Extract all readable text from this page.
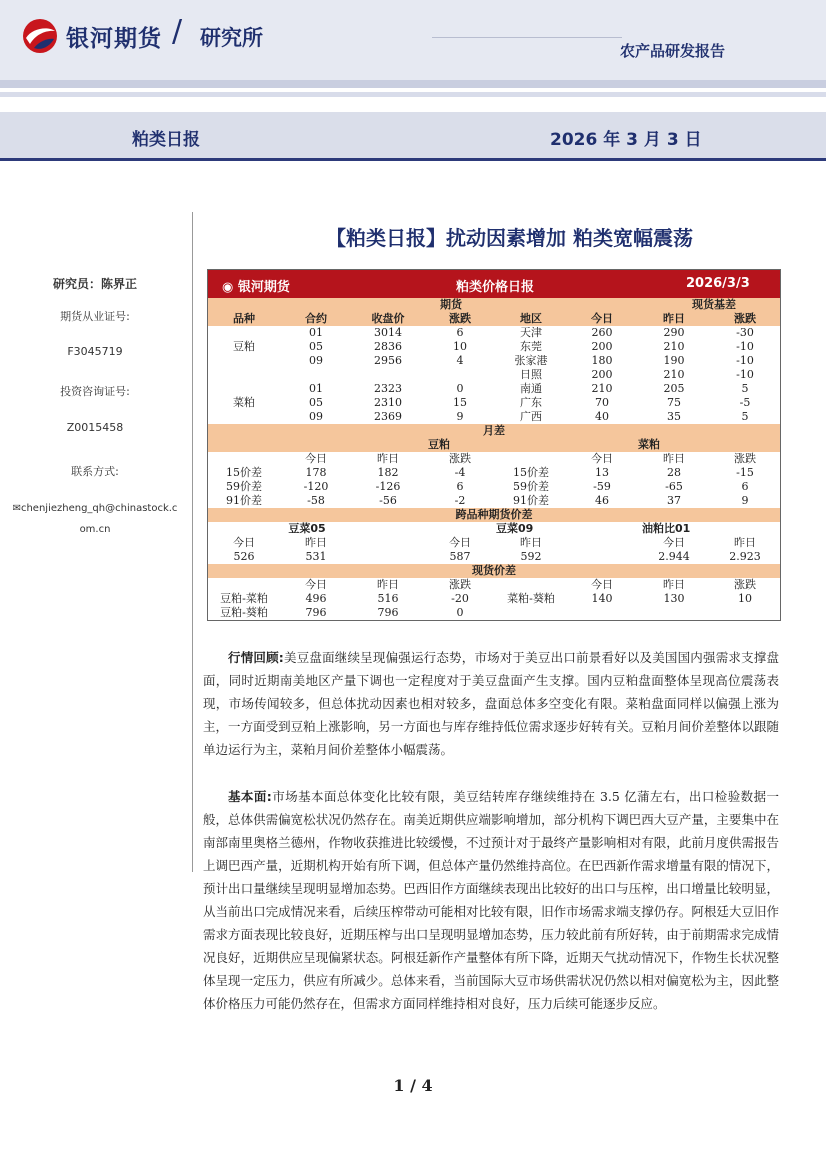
银河期货 / 研究所
农产品研发报告
粕类日报	2026 年 3 月 3 日
研究员：陈界正
期货从业证号:
F3045719
投资咨询证号:
Z0015458
联系方式:
✉chenjiezheng_qh@chinastock.c
om.cn
【粕类日报】扰动因素增加 粕类宽幅震荡
◉ 银河期货	粕类价格日报	2026/3/3
期货				现货基差			
品种	合约	收盘价	涨跌	地区	今日	昨日	涨跌
	01	3014	6	天津	260	290	-30
豆粕	05	2836	10	东莞	200	210	-10
	09	2956	4	张家港	180	190	-10
				日照	200	210	-10
	01	2323	0	南通	210	205	5
菜粕	05	2310	15	广东	70	75	-5
	09	2369	9	广西	40	35	5
月差							
豆粕				菜粕			
	今日	昨日	涨跌		今日	昨日	涨跌
15价差	178	182	-4	15价差	13	28	-15
59价差	-120	-126	6	59价差	-59	-65	6
91价差	-58	-56	-2	91价差	46	37	9
跨品种期货价差							
豆菜05				豆菜09		油粕比01	
今日	昨日		今日	昨日		今日	昨日
526	531		587	592		2.944	2.923
现货价差							
	今日	昨日	涨跌		今日	昨日	涨跌
豆粕-菜粕	496	516	-20	菜粕-葵粕	140	130	10
豆粕-葵粕	796	796	0				
行情回顾:美豆盘面继续呈现偏强运行态势，市场对于美豆出口前景看好以及美国国内强需求支撑盘面，同时近期南美地区产量下调也一定程度对于美豆盘面产生支撑。国内豆粕盘面整体呈现高位震荡表现，市场传闻较多，但总体扰动因素也相对较多，盘面总体多空变化有限。菜粕盘面同样以偏强上涨为主，一方面受到豆粕上涨影响，另一方面也与库存维持低位需求逐步好转有关。豆粕月间价差整体以跟随单边运行为主，菜粕月间价差整体小幅震荡。
基本面:市场基本面总体变化比较有限，美豆结转库存继续维持在 3.5 亿蒲左右，出口检验数据一般，总体供需偏宽松状况仍然存在。南美近期供应端影响增加，部分机构下调巴西大豆产量，主要集中在南部南里奥格兰德州，作物收获推进比较缓慢，不过预计对于最终产量影响相对有限，此前月度供需报告上调巴西产量，近期机构开始有所下调，但总体产量仍然维持高位。在巴西新作需求增量有限的情况下，预计出口量继续呈现明显增加态势。巴西旧作方面继续表现出比较好的出口与压榨，出口增量比较明显，从当前出口完成情况来看，后续压榨带动可能相对比较有限，旧作市场需求端支撑仍存。阿根廷大豆旧作需求方面表现比较良好，近期压榨与出口呈现明显增加态势，压力较此前有所好转，由于前期需求完成情况良好，近期供应呈现偏紧状态。阿根廷新作产量整体有所下降，近期天气扰动情况下，作物生长状况整体呈现一定压力，供应有所减少。总体来看，当前国际大豆市场供需状况仍然以相对偏宽松为主，因此整体价格压力可能仍然存在，但需求方面同样维持相对良好，压力后续可能逐步反应。
1 / 4
